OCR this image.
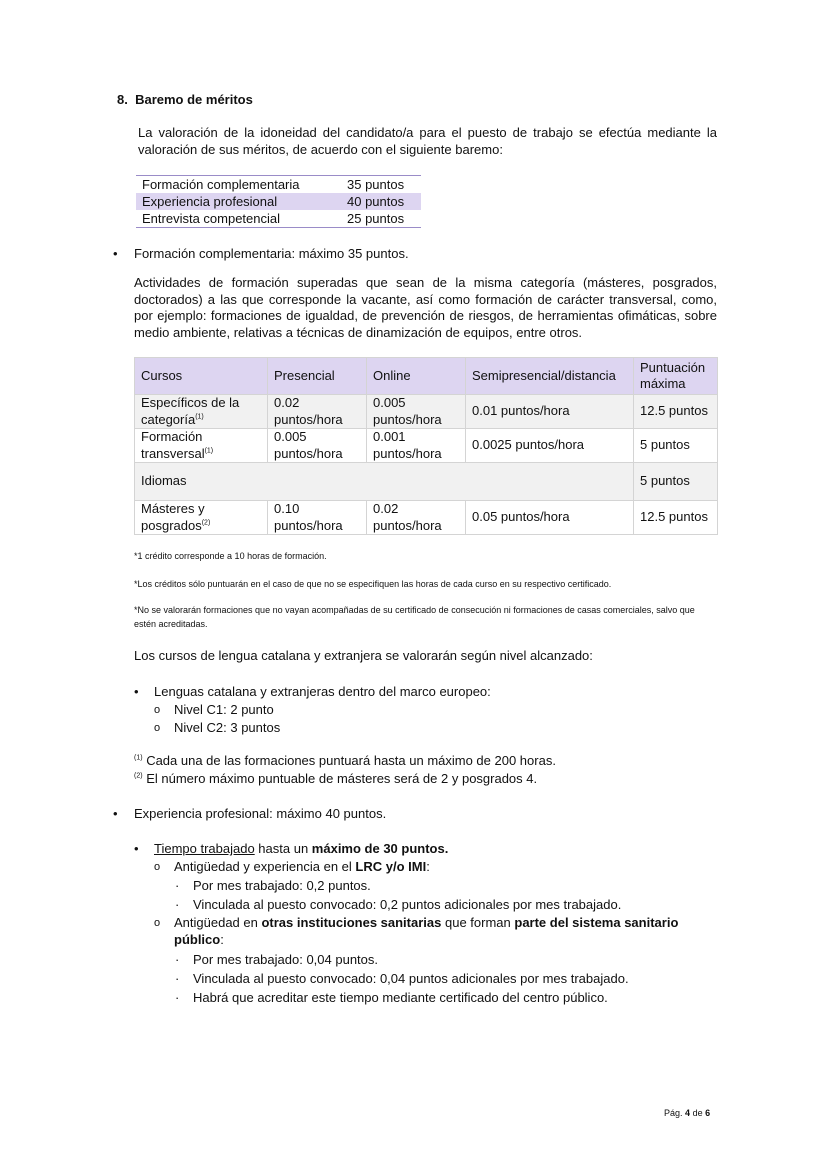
8. Baremo de méritos
La valoración de la idoneidad del candidato/a para el puesto de trabajo se efectúa mediante la valoración de sus méritos, de acuerdo con el siguiente baremo:
Formación complementaria	35 puntos
Experiencia profesional	40 puntos
Entrevista competencial	25 puntos
• Formación complementaria: máximo 35 puntos.
Actividades de formación superadas que sean de la misma categoría (másteres, posgrados, doctorados) a las que corresponde la vacante, así como formación de carácter transversal, como, por ejemplo: formaciones de igualdad, de prevención de riesgos, de herramientas ofimáticas, sobre medio ambiente, relativas a técnicas de dinamización de equipos, entre otros.
Cursos	Presencial	Online	Semipresencial/distancia	Puntuación máxima
Específicos de la categoría$^{(1)}$	0.02 puntos/hora	0.005 puntos/hora	0.01 puntos/hora	12.5 puntos
Formación transversal$^{(1)}$	0.005 puntos/hora	0.001 puntos/hora	0.0025 puntos/hora	5 puntos
Idiomas				5 puntos
Másteres y posgrados$^{(2)}$	0.10 puntos/hora	0.02 puntos/hora	0.05 puntos/hora	12.5 puntos
*1 crédito corresponde a 10 horas de formación.
*Los créditos sólo puntuarán en el caso de que no se especifiquen las horas de cada curso en su respectivo certificado.
*No se valorarán formaciones que no vayan acompañadas de su certificado de consecución ni formaciones de casas comerciales, salvo que estén acreditadas.
Los cursos de lengua catalana y extranjera se valorarán según nivel alcanzado:
• Lenguas catalana y extranjeras dentro del marco europeo:
o Nivel C1: 2 punto
o Nivel C2: 3 puntos
$^{(1)}$ Cada una de las formaciones puntuará hasta un máximo de 200 horas.
$^{(2)}$ El número máximo puntuable de másteres será de 2 y posgrados 4.
• Experiencia profesional: máximo 40 puntos.
• Tiempo trabajado hasta un máximo de 30 puntos.
o Antigüedad y experiencia en el LRC y/o IMI:
· Por mes trabajado: 0,2 puntos.
· Vinculada al puesto convocado: 0,2 puntos adicionales por mes trabajado.
o Antigüedad en otras instituciones sanitarias que forman parte del sistema sanitario público:
· Por mes trabajado: 0,04 puntos.
· Vinculada al puesto convocado: 0,04 puntos adicionales por mes trabajado.
· Habrá que acreditar este tiempo mediante certificado del centro público.
Pág. 4 de 6
